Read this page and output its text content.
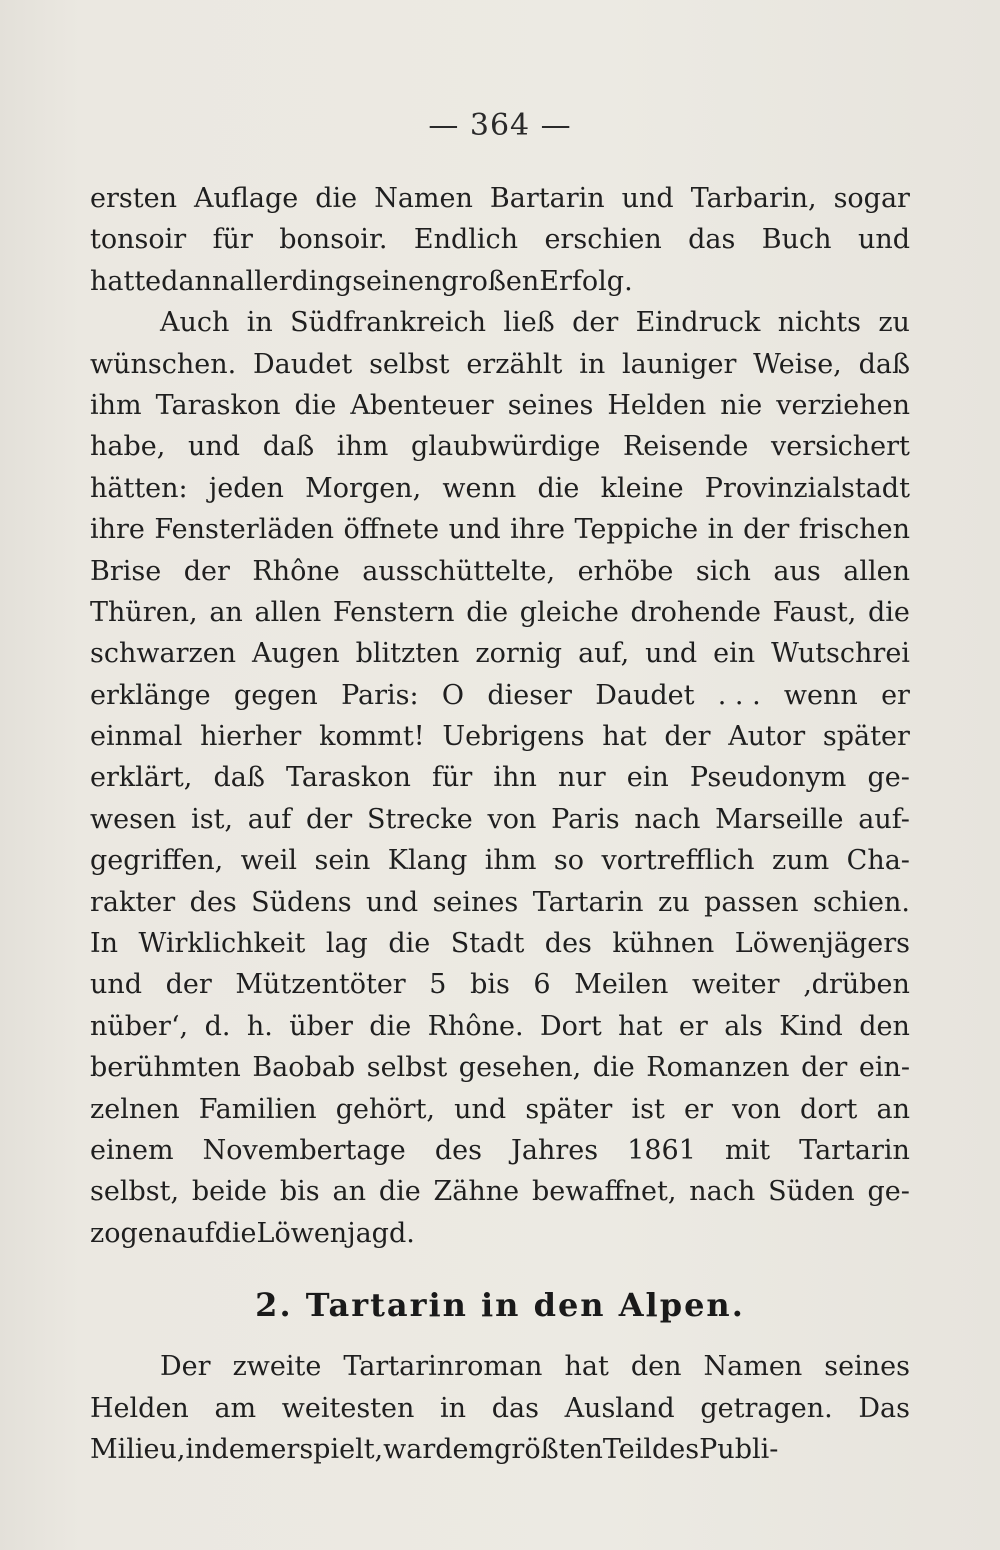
— 364 —
ersten Auflage die Namen Bartarin und Tarbarin, sogar
tonsoir für bonsoir. Endlich erschien das Buch und
hatte dann allerdings einen großen Erfolg.
Auch in Südfrankreich ließ der Eindruck nichts zu
wünschen. Daudet selbst erzählt in launiger Weise, daß
ihm Taraskon die Abenteuer seines Helden nie verziehen
habe, und daß ihm glaubwürdige Reisende versichert
hätten: jeden Morgen, wenn die kleine Provinzialstadt
ihre Fensterläden öffnete und ihre Teppiche in der frischen
Brise der Rhône ausschüttelte, erhöbe sich aus allen
Thüren, an allen Fenstern die gleiche drohende Faust, die
schwarzen Augen blitzten zornig auf, und ein Wutschrei
erklänge gegen Paris: O dieser Daudet . . . wenn er
einmal hierher kommt! Uebrigens hat der Autor später
erklärt, daß Taraskon für ihn nur ein Pseudonym ge-
wesen ist, auf der Strecke von Paris nach Marseille auf-
gegriffen, weil sein Klang ihm so vortrefflich zum Cha-
rakter des Südens und seines Tartarin zu passen schien.
In Wirklichkeit lag die Stadt des kühnen Löwenjägers
und der Mützentöter 5 bis 6 Meilen weiter ‚drüben
nüber‘, d. h. über die Rhône. Dort hat er als Kind den
berühmten Baobab selbst gesehen, die Romanzen der ein-
zelnen Familien gehört, und später ist er von dort an
einem Novembertage des Jahres 1861 mit Tartarin
selbst, beide bis an die Zähne bewaffnet, nach Süden ge-
zogen auf die Löwenjagd.
2. Tartarin in den Alpen.
Der zweite Tartarinroman hat den Namen seines
Helden am weitesten in das Ausland getragen. Das
Milieu, in dem er spielt, war dem größten Teil des Publi-
